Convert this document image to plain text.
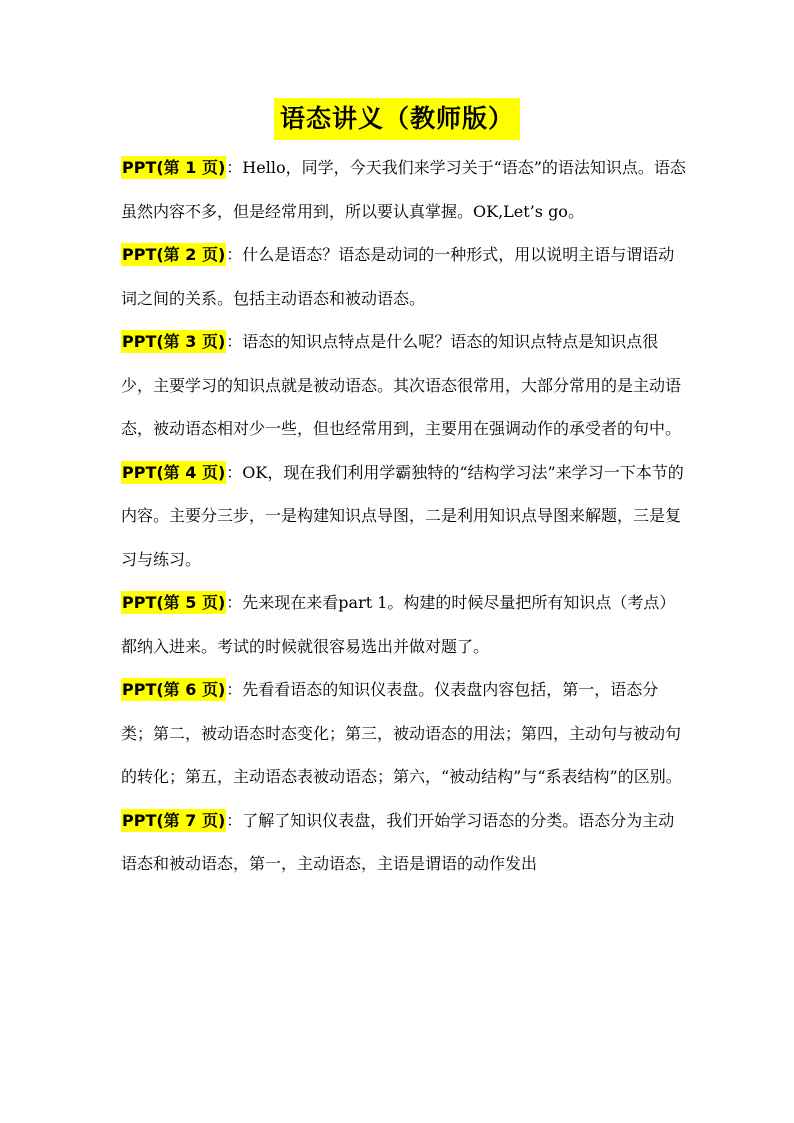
语态讲义（教师版）

PPT(第 1 页)：Hello，同学，今天我们来学习关于“语态”的语法知识点。语态虽然内容不多，但是经常用到，所以要认真掌握。OK,Let’s go。

PPT(第 2 页)：什么是语态？语态是动词的一种形式，用以说明主语与谓语动词之间的关系。包括主动语态和被动语态。

PPT(第 3 页)：语态的知识点特点是什么呢？语态的知识点特点是知识点很少，主要学习的知识点就是被动语态。其次语态很常用，大部分常用的是主动语态，被动语态相对少一些，但也经常用到，主要用在强调动作的承受者的句中。

PPT(第 4 页)：OK，现在我们利用学霸独特的“结构学习法”来学习一下本节的内容。主要分三步，一是构建知识点导图，二是利用知识点导图来解题，三是复习与练习。

PPT(第 5 页)：先来现在来看part 1。构建的时候尽量把所有知识点（考点）都纳入进来。考试的时候就很容易选出并做对题了。

PPT(第 6 页)：先看看语态的知识仪表盘。仪表盘内容包括，第一，语态分类；第二，被动语态时态变化；第三，被动语态的用法；第四，主动句与被动句的转化；第五，主动语态表被动语态；第六，“被动结构”与“系表结构”的区别。

PPT(第 7 页)：了解了知识仪表盘，我们开始学习语态的分类。语态分为主动语态和被动语态，第一，主动语态，主语是谓语的动作发出
